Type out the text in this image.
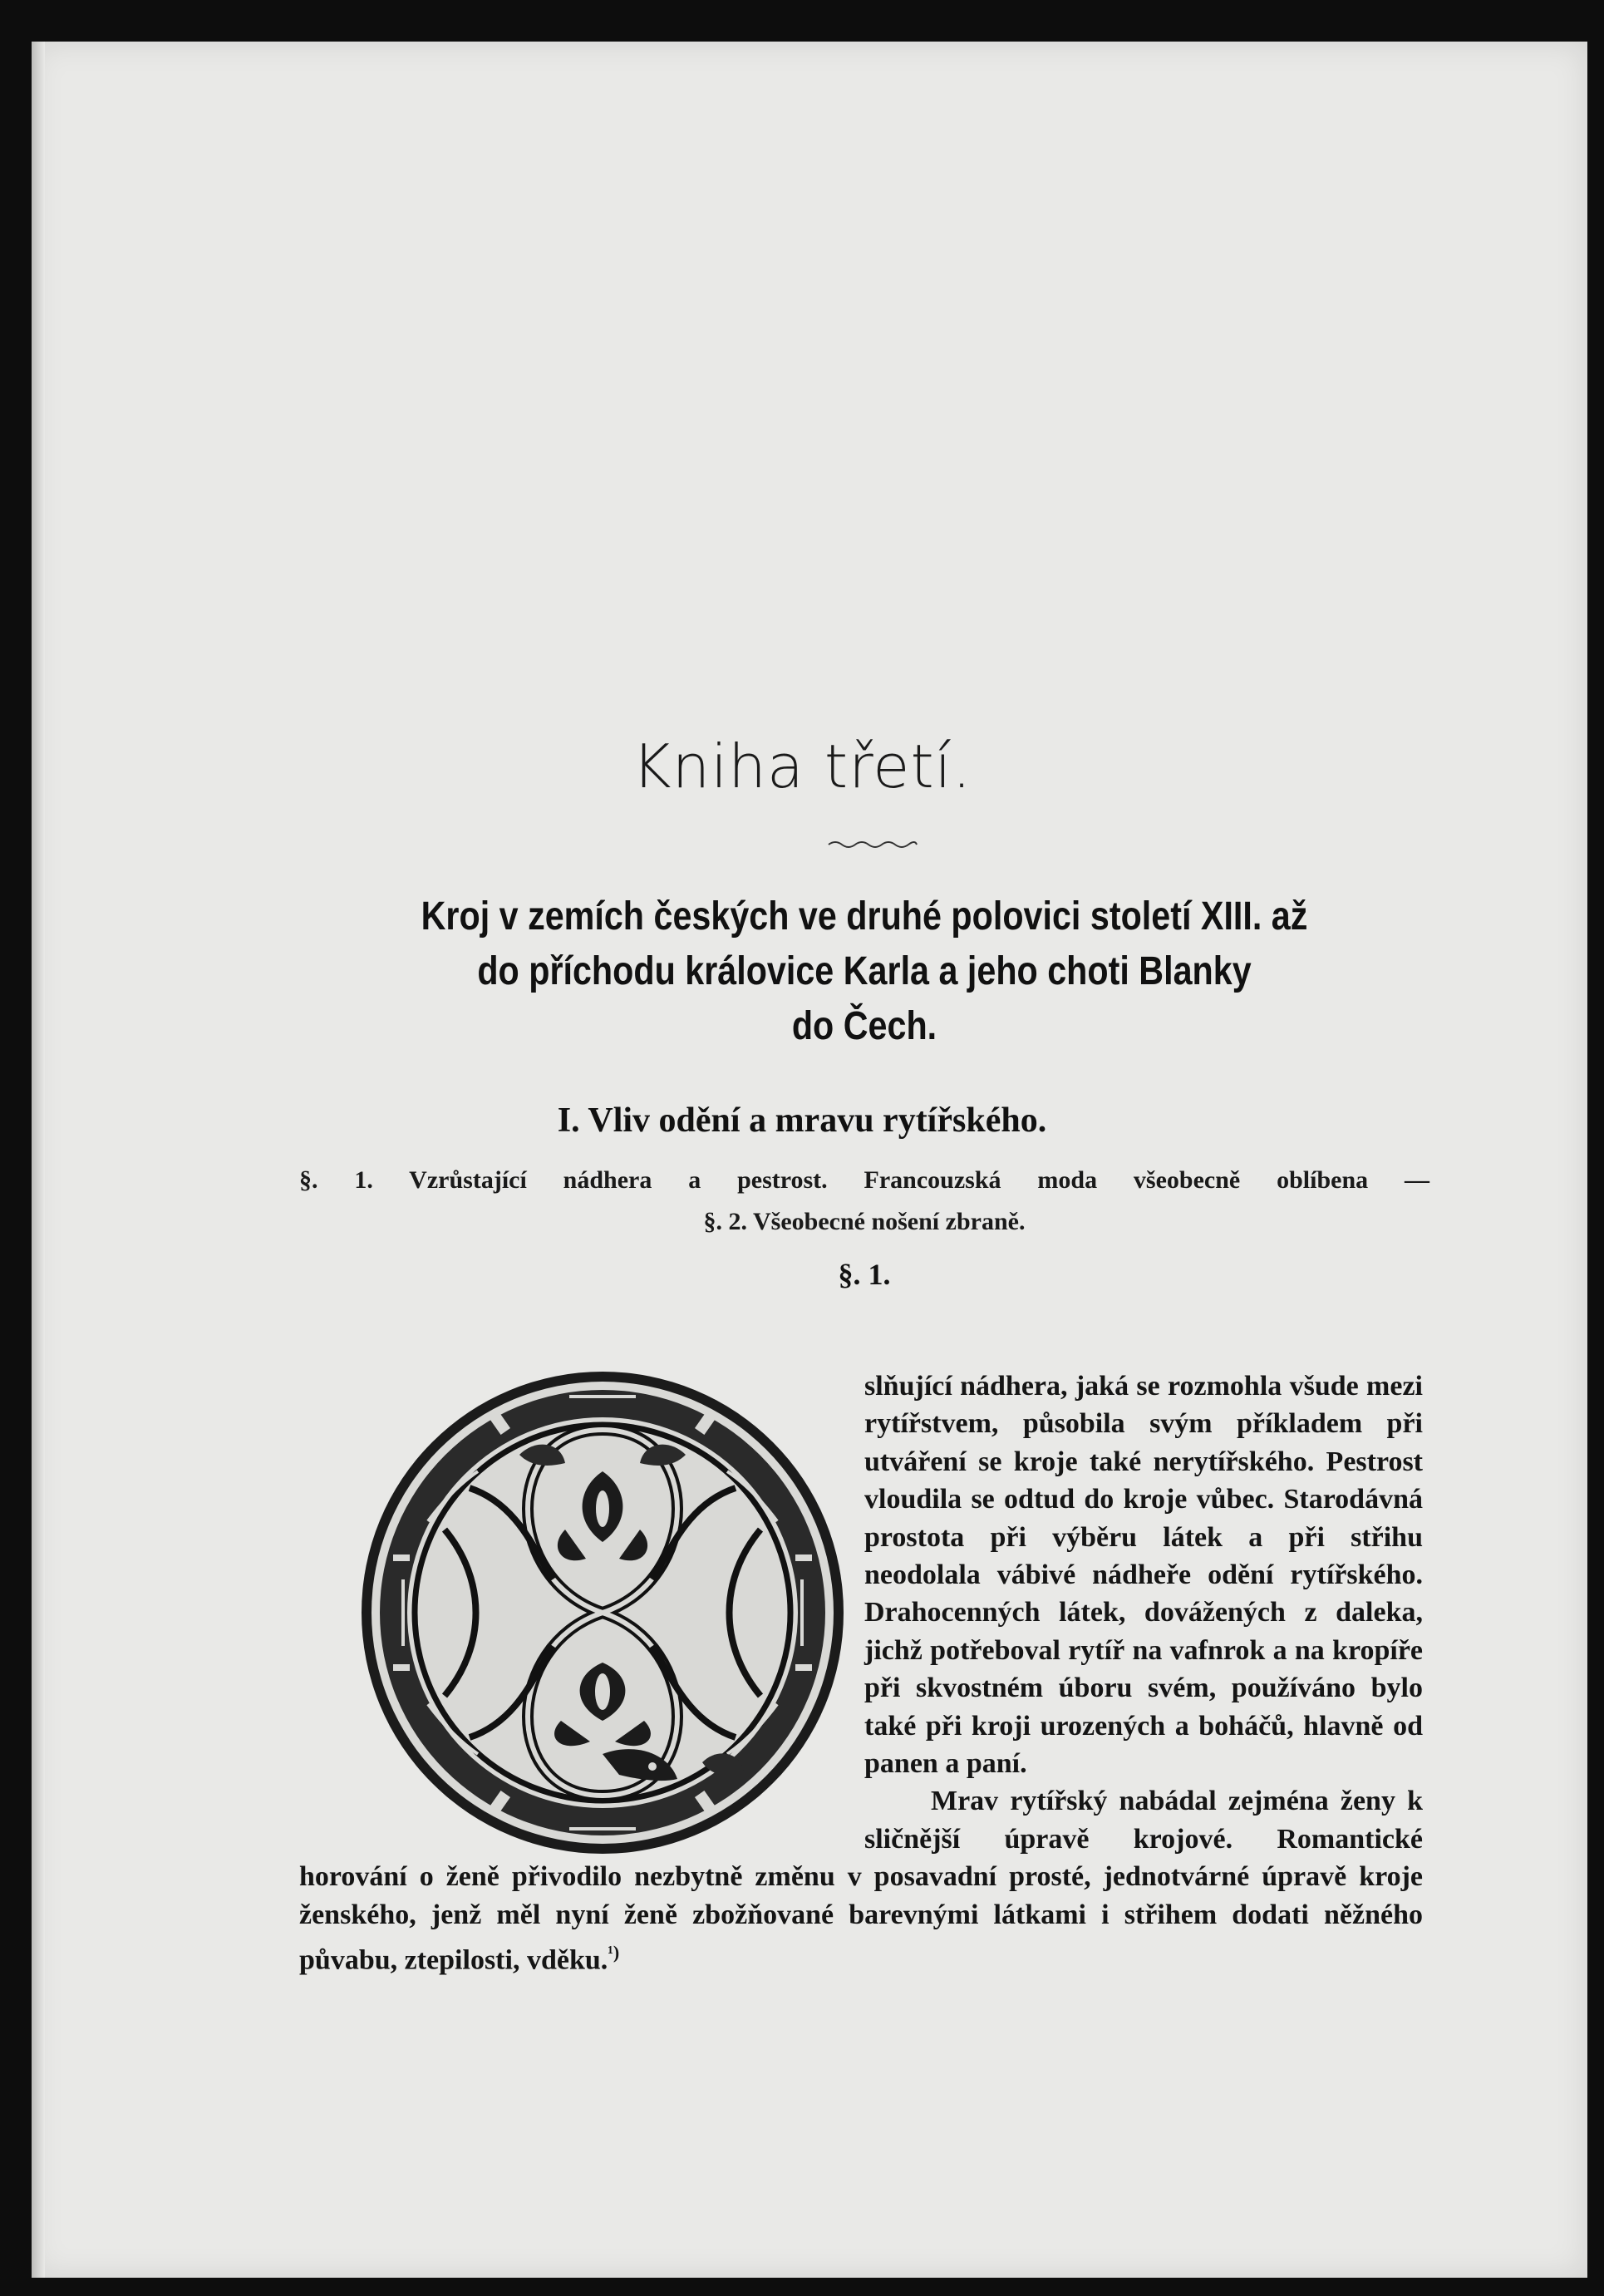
Kniha třetí.
Kroj v zemích českých ve druhé polovici století XIII. až
do příchodu královice Karla a jeho choti Blanky
do Čech.
I. Vliv odění a mravu rytířského.
§. 1. Vzrůstající nádhera a pestrost. Francouzská moda všeobecně oblíbena —
§. 2. Všeobecné nošení zbraně.
§. 1.

slňující nádhera, jaká se rozmohla všude mezi rytířstvem, působila svým příkladem při utváření se kroje také nerytířského. Pestrost vloudila se odtud do kroje vůbec. Starodávná prostota při výběru látek a při střihu neodolala vábivé nádheře odění rytířského. Drahocenných látek, dovážených z daleka, jichž potřeboval rytíř na vafnrok a na kropíře při skvostném úboru svém, používáno bylo také při kroji urozených a boháčů, hlavně od panen a paní.

Mrav rytířský nabádal zejména ženy k sličnější úpravě krojové. Romantické horování o ženě přivodilo nezbytně změnu v posavadní prosté, jednotvárné úpravě kroje ženského, jenž měl nyní ženě zbožňované barevnými látkami i střihem dodati něžného půvabu, ztepilosti, vděku.$^{^1)}$
